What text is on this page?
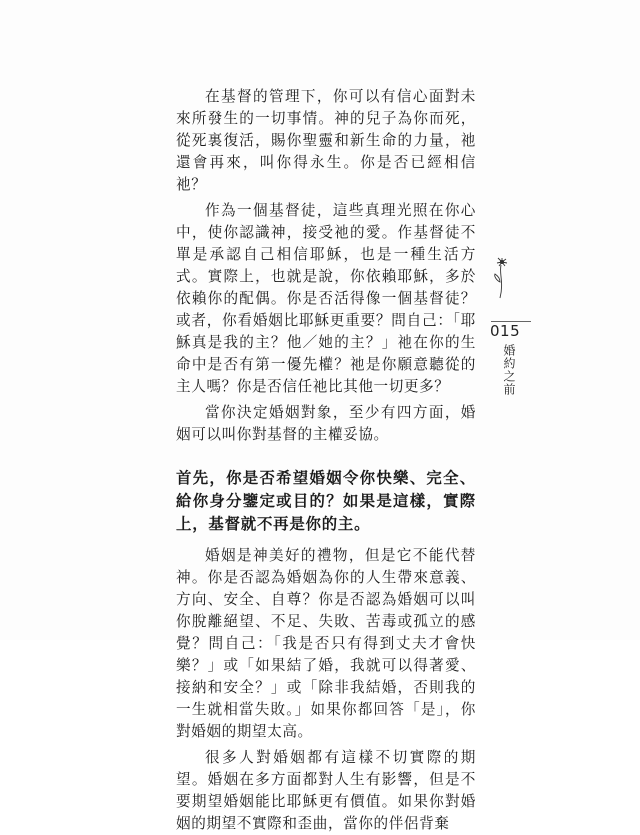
在基督的管理下，你可以有信心面對未來所發生的一切事情。神的兒子為你而死，從死裏復活，賜你聖靈和新生命的力量，祂還會再來，叫你得永生。你是否已經相信祂？

作為一個基督徒，這些真理光照在你心中，使你認識神，接受祂的愛。作基督徒不單是承認自己相信耶穌，也是一種生活方式。實際上，也就是說，你依賴耶穌，多於依賴你的配偶。你是否活得像一個基督徒？或者，你看婚姻比耶穌更重要？問自己：「耶穌真是我的主？他／她的主？」祂在你的生命中是否有第一優先權？祂是你願意聽從的主人嗎？你是否信任祂比其他一切更多？

當你決定婚姻對象，至少有四方面，婚姻可以叫你對基督的主權妥協。

首先，你是否希望婚姻令你快樂、完全、給你身分鑒定或目的？如果是這樣，實際上，基督就不再是你的主。

婚姻是神美好的禮物，但是它不能代替神。你是否認為婚姻為你的人生帶來意義、方向、安全、自尊？你是否認為婚姻可以叫你脫離絕望、不足、失敗、苦毒或孤立的感覺？問自己：「我是否只有得到丈夫才會快樂？」或「如果結了婚，我就可以得著愛、接納和安全？」或「除非我結婚，否則我的一生就相當失敗。」如果你都回答「是」，你對婚姻的期望太高。

很多人對婚姻都有這樣不切實際的期望。婚姻在多方面都對人生有影響，但是不要期望婚姻能比耶穌更有價值。如果你對婚姻的期望不實際和歪曲，當你的伴侶背棄

015
婚約之前
